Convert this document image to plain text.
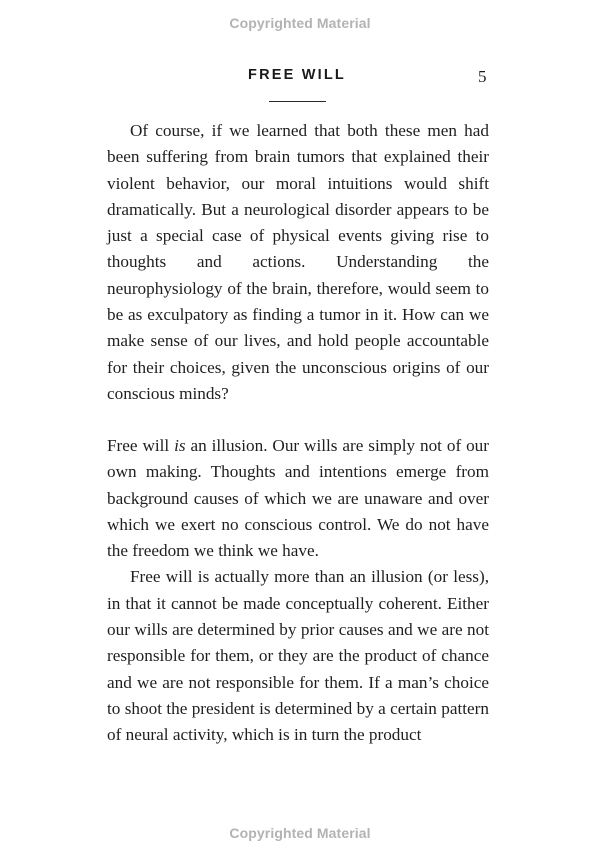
Copyrighted Material
FREE WILL	5

Of course, if we learned that both these men had been suffering from brain tumors that explained their violent behavior, our moral intuitions would shift dramatically. But a neurological disorder appears to be just a special case of physical events giving rise to thoughts and actions. Understanding the neurophysiology of the brain, therefore, would seem to be as exculpatory as finding a tumor in it. How can we make sense of our lives, and hold people accountable for their choices, given the unconscious origins of our conscious minds?

Free will is an illusion. Our wills are simply not of our own making. Thoughts and intentions emerge from background causes of which we are unaware and over which we exert no conscious control. We do not have the freedom we think we have.

Free will is actually more than an illusion (or less), in that it cannot be made conceptually coherent. Either our wills are determined by prior causes and we are not responsible for them, or they are the product of chance and we are not responsible for them. If a man’s choice to shoot the president is determined by a certain pattern of neural activity, which is in turn the product

Copyrighted Material
